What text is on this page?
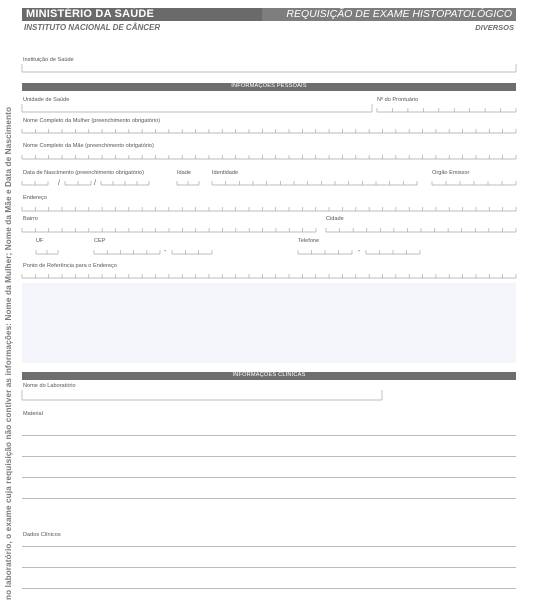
no laboratório, o exame cuja requisição não contiver as informações: Nome da Mulher; Nome da Mãe e Data de Nascimento
MINISTÉRIO DA SAÚDE	REQUISIÇÃO DE EXAME HISTOPATOLÓGICO
INSTITUTO NACIONAL DE CÂNCER	DIVERSOS
Instituição de Saúde
INFORMAÇÕES PESSOAIS
Unidade de Saúde	Nº do Prontuário
Nome Completo da Mulher (preenchimento obrigatório)
Nome Completo da Mãe (preenchimento obrigatório)
Data de Nascimento (preenchimento obrigatório)	Idade	Identidade	Orgão Emissor
Endereço
Bairro	Cidade
UF	CEP	Telefone
Ponto de Referência para o Endereço
/	/
-	-
INFORMAÇÕES CLÍNICAS
Nome do Laboratório
Material
Dados Clínicos
